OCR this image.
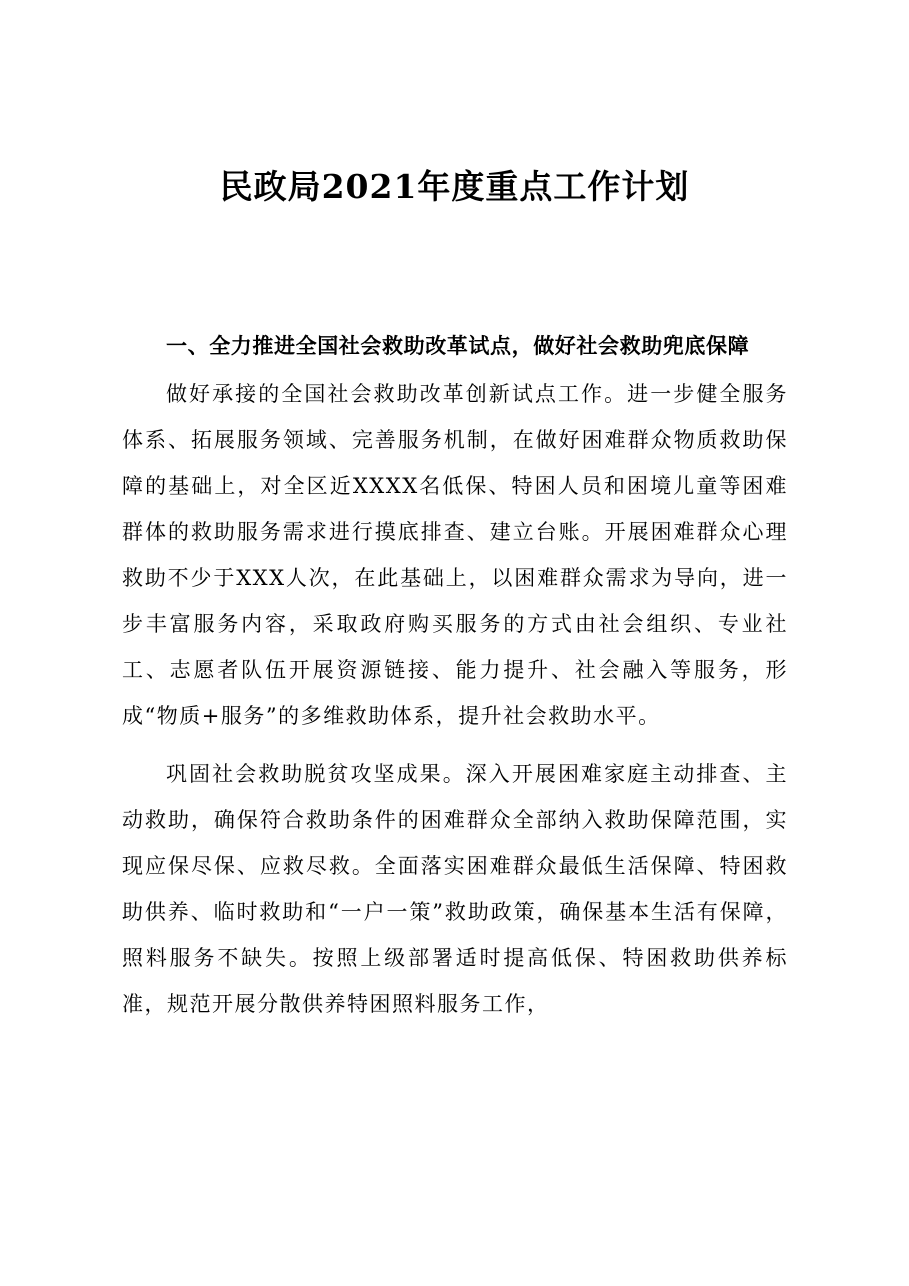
民政局2021年度重点工作计划

一、全力推进全国社会救助改革试点，做好社会救助兜底保障

做好承接的全国社会救助改革创新试点工作。进一步健全服务体系、拓展服务领域、完善服务机制，在做好困难群众物质救助保障的基础上，对全区近XXXX名低保、特困人员和困境儿童等困难群体的救助服务需求进行摸底排查、建立台账。开展困难群众心理救助不少于XXX人次，在此基础上，以困难群众需求为导向，进一步丰富服务内容，采取政府购买服务的方式由社会组织、专业社工、志愿者队伍开展资源链接、能力提升、社会融入等服务，形成“物质+服务”的多维救助体系，提升社会救助水平。

巩固社会救助脱贫攻坚成果。深入开展困难家庭主动排查、主动救助，确保符合救助条件的困难群众全部纳入救助保障范围，实现应保尽保、应救尽救。全面落实困难群众最低生活保障、特困救助供养、临时救助和“一户一策”救助政策，确保基本生活有保障，照料服务不缺失。按照上级部署适时提高低保、特困救助供养标准，规范开展分散供养特困照料服务工作，
